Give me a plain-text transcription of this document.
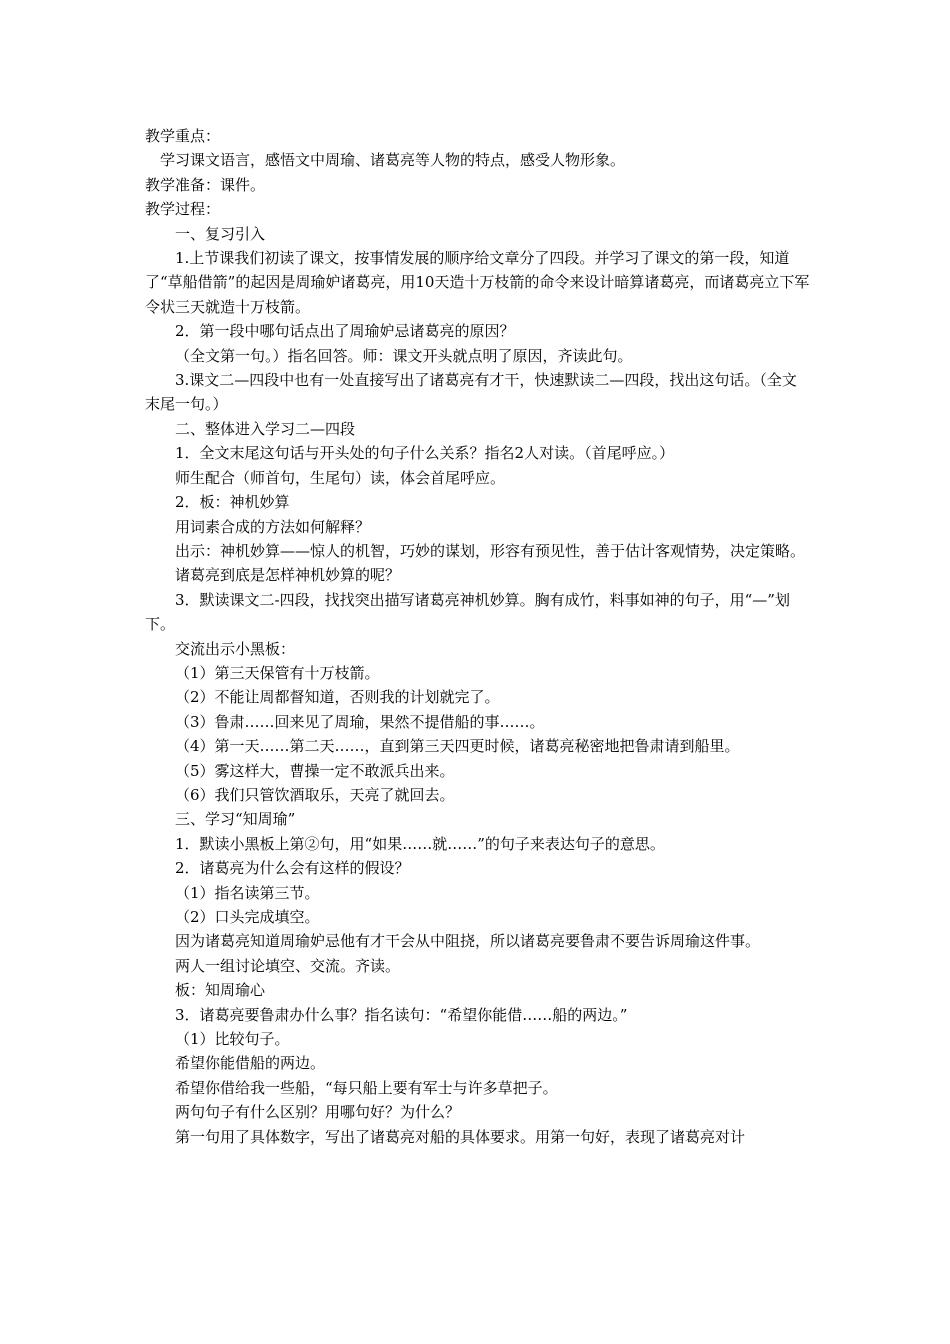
教学重点：

学习课文语言，感悟文中周瑜、诸葛亮等人物的特点，感受人物形象。

教学准备：课件。

教学过程：

一、复习引入

1.上节课我们初读了课文，按事情发展的顺序给文章分了四段。并学习了课文的第一段，知道了“草船借箭”的起因是周瑜妒诸葛亮，用10天造十万枝箭的命令来设计暗算诸葛亮，而诸葛亮立下军令状三天就造十万枝箭。

2．第一段中哪句话点出了周瑜妒忌诸葛亮的原因？

（全文第一句。）指名回答。师：课文开头就点明了原因，齐读此句。

3.课文二—四段中也有一处直接写出了诸葛亮有才干，快速默读二—四段，找出这句话。（全文末尾一句。）

二、整体进入学习二—四段

1．全文末尾这句话与开头处的句子什么关系？指名2人对读。（首尾呼应。）

师生配合（师首句，生尾句）读，体会首尾呼应。

2．板：神机妙算

用词素合成的方法如何解释？

出示：神机妙算——惊人的机智，巧妙的谋划，形容有预见性，善于估计客观情势，决定策略。

诸葛亮到底是怎样神机妙算的呢？

3．默读课文二-四段，找找突出描写诸葛亮神机妙算。胸有成竹，料事如神的句子，用“—”划下。

交流出示小黑板：

（1）第三天保管有十万枝箭。

（2）不能让周都督知道，否则我的计划就完了。

（3）鲁肃……回来见了周瑜，果然不提借船的事……。

（4）第一天……第二天……，直到第三天四更时候，诸葛亮秘密地把鲁肃请到船里。

（5）雾这样大，曹操一定不敢派兵出来。

（6）我们只管饮酒取乐，天亮了就回去。

三、学习“知周瑜”

1．默读小黑板上第②句，用“如果……就……”的句子来表达句子的意思。

2．诸葛亮为什么会有这样的假设？

（1）指名读第三节。

（2）口头完成填空。

因为诸葛亮知道周瑜妒忌他有才干会从中阻挠，所以诸葛亮要鲁肃不要告诉周瑜这件事。

两人一组讨论填空、交流。齐读。

板：知周瑜心

3．诸葛亮要鲁肃办什么事？指名读句：“希望你能借……船的两边。”

（1）比较句子。

希望你能借船的两边。

希望你借给我一些船，“每只船上要有军士与许多草把子。

两句句子有什么区别？用哪句好？为什么？

第一句用了具体数字，写出了诸葛亮对船的具体要求。用第一句好，表现了诸葛亮对计
